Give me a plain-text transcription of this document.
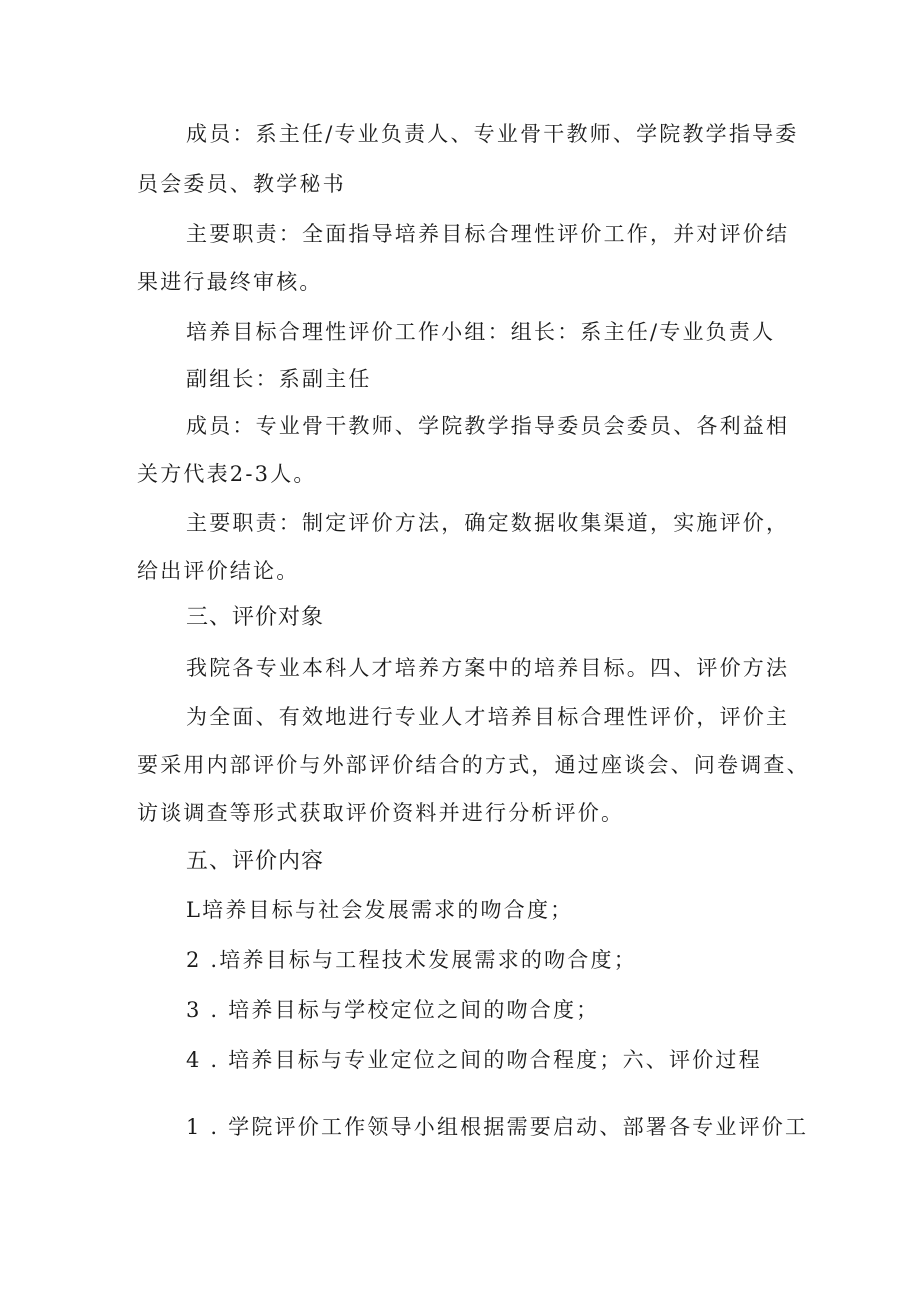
成员：系主任/专业负责人、专业骨干教师、学院教学指导委

员会委员、教学秘书

主要职责：全面指导培养目标合理性评价工作，并对评价结

果进行最终审核。

培养目标合理性评价工作小组：组长：系主任/专业负责人

副组长：系副主任

成员：专业骨干教师、学院教学指导委员会委员、各利益相

关方代表2-3人。

主要职责：制定评价方法，确定数据收集渠道，实施评价，

给出评价结论。

三、评价对象

我院各专业本科人才培养方案中的培养目标。四、评价方法

为全面、有效地进行专业人才培养目标合理性评价，评价主

要采用内部评价与外部评价结合的方式，通过座谈会、问卷调查、

访谈调查等形式获取评价资料并进行分析评价。

五、评价内容

L培养目标与社会发展需求的吻合度；

2 .培养目标与工程技术发展需求的吻合度；

3 . 培养目标与学校定位之间的吻合度；

4 . 培养目标与专业定位之间的吻合程度；六、评价过程

1 . 学院评价工作领导小组根据需要启动、部署各专业评价工
